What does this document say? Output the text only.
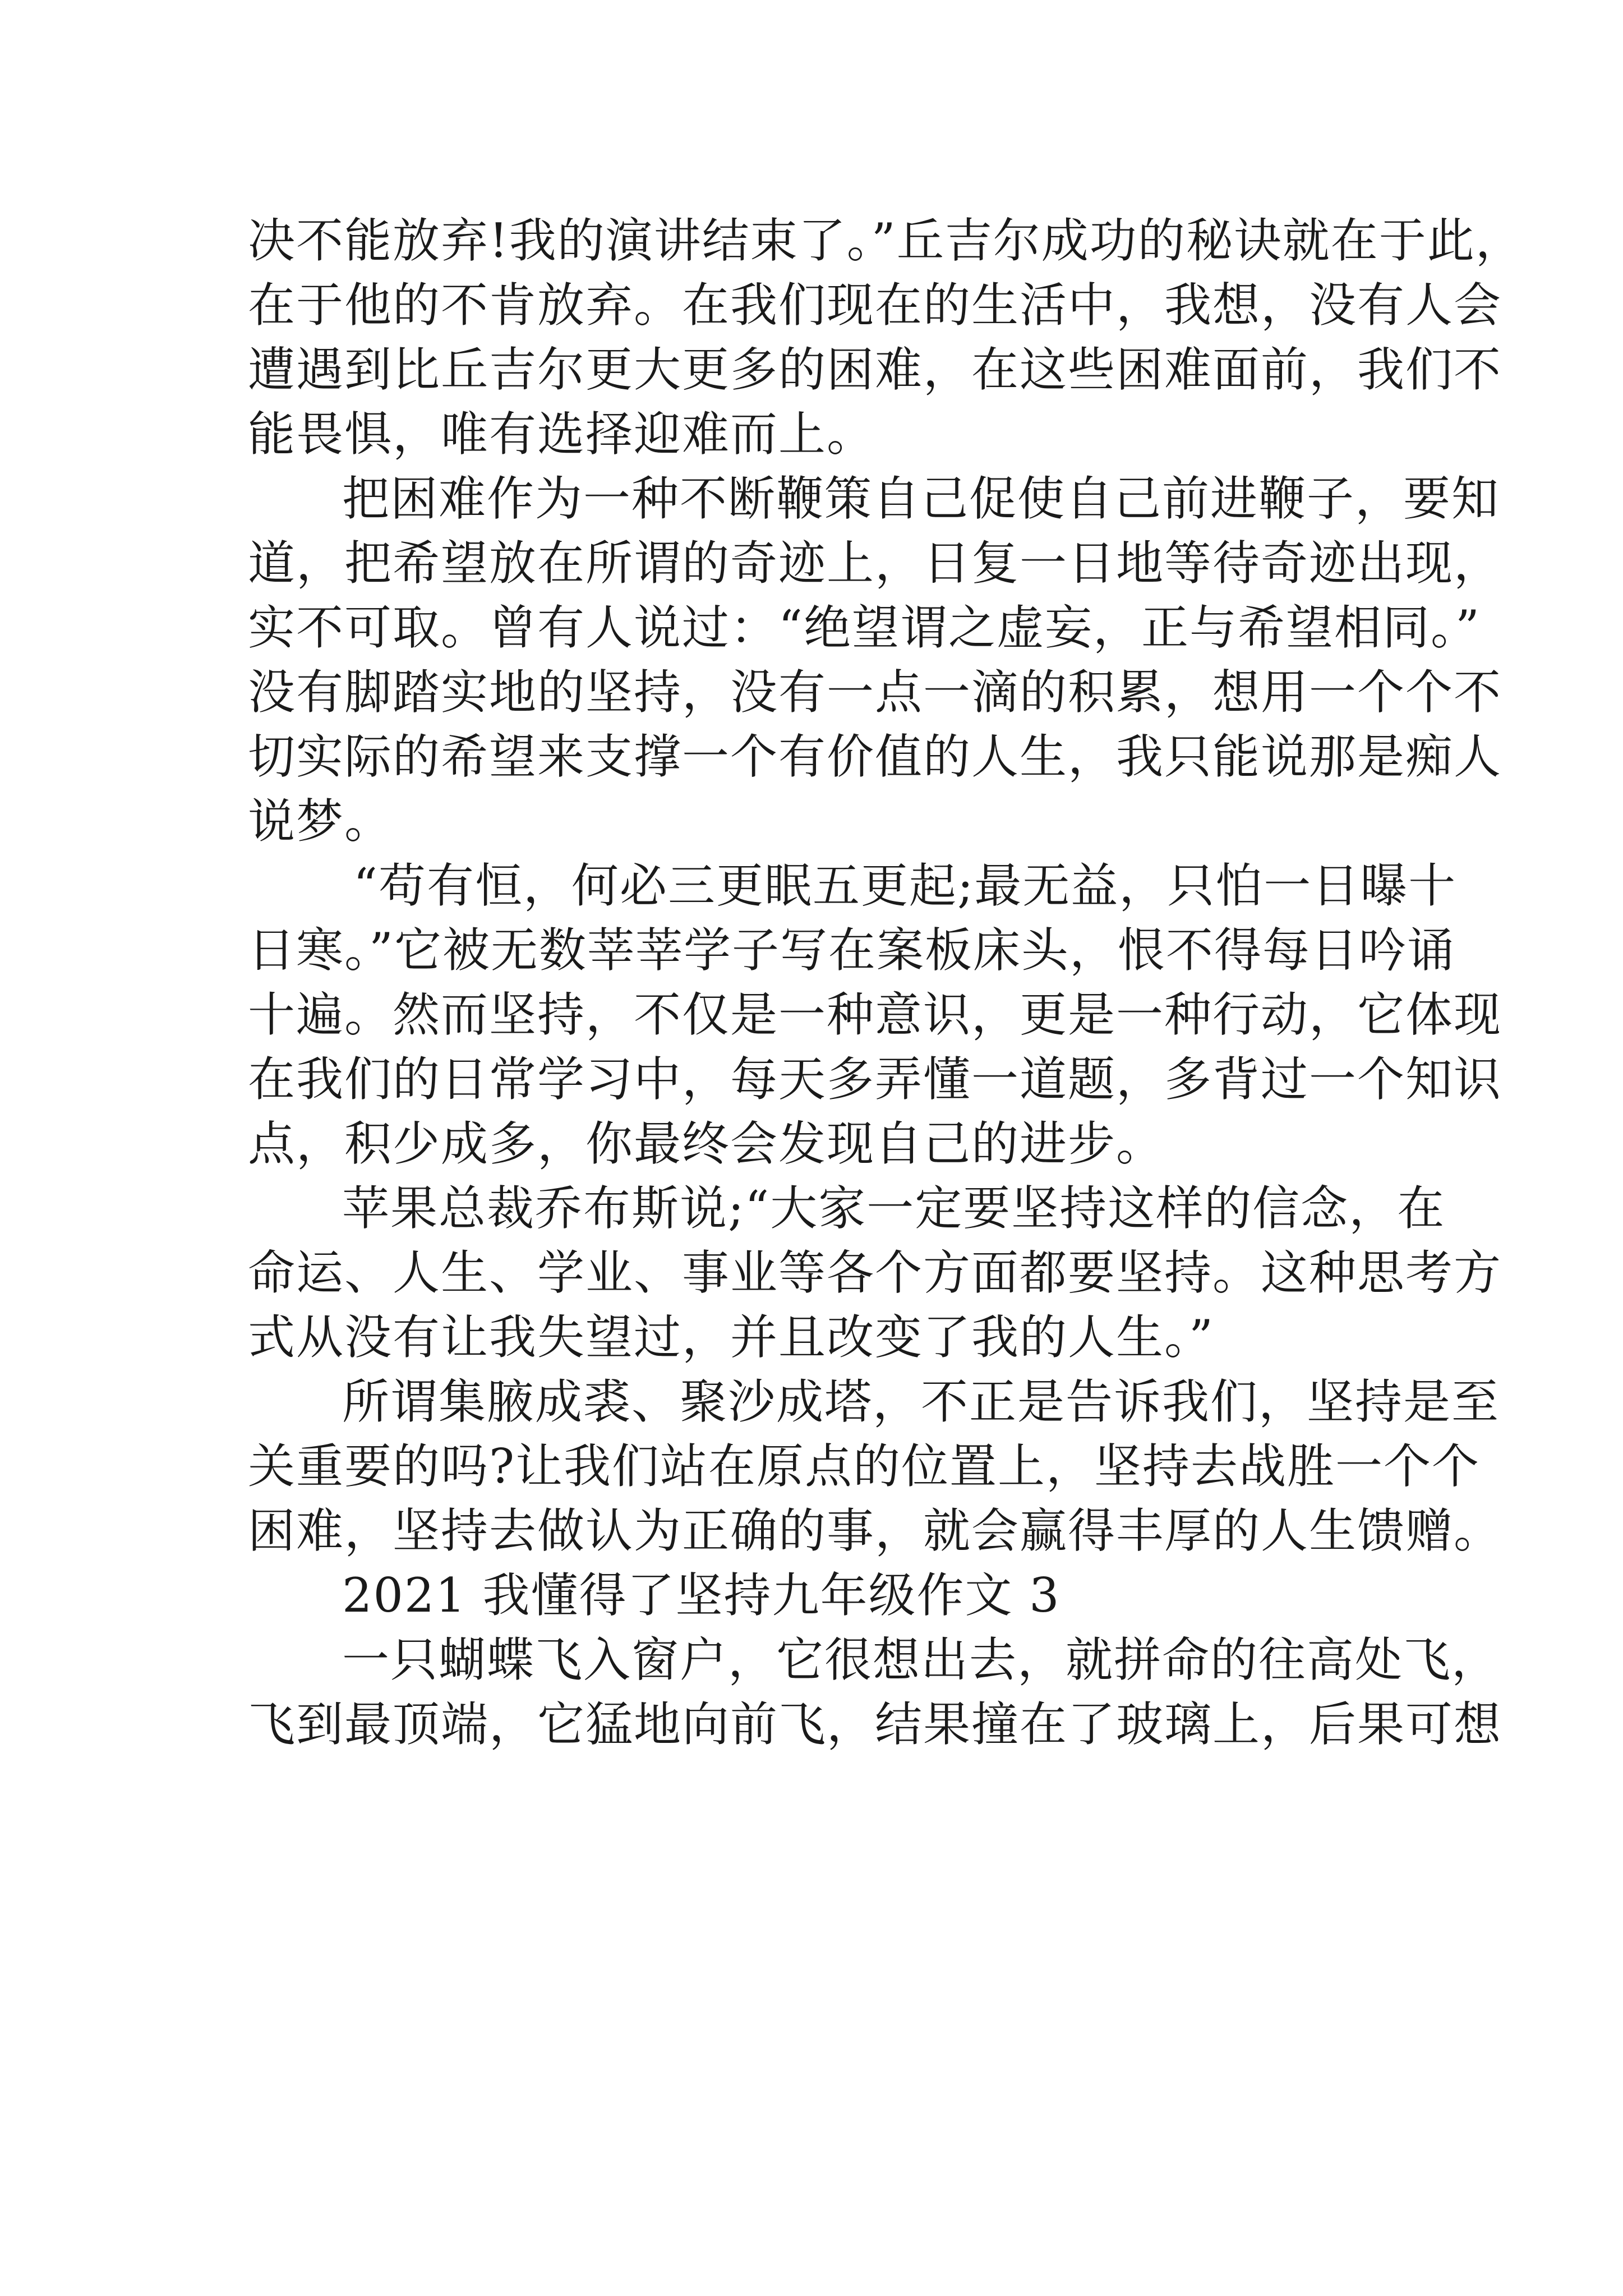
决不能放弃!我的演讲结束了。”丘吉尔成功的秘诀就在于此，
在于他的不肯放弃。在我们现在的生活中，我想，没有人会
遭遇到比丘吉尔更大更多的困难，在这些困难面前，我们不
能畏惧，唯有选择迎难而上。
把困难作为一种不断鞭策自己促使自己前进鞭子，要知
道，把希望放在所谓的奇迹上，日复一日地等待奇迹出现，
实不可取。曾有人说过：“绝望谓之虚妄，正与希望相同。”
没有脚踏实地的坚持，没有一点一滴的积累，想用一个个不
切实际的希望来支撑一个有价值的人生，我只能说那是痴人
说梦。
“苟有恒，何必三更眠五更起;最无益，只怕一日曝十
日寒。”它被无数莘莘学子写在案板床头，恨不得每日吟诵
十遍。然而坚持，不仅是一种意识，更是一种行动，它体现
在我们的日常学习中，每天多弄懂一道题，多背过一个知识
点，积少成多，你最终会发现自己的进步。
苹果总裁乔布斯说;“大家一定要坚持这样的信念，在
命运、人生、学业、事业等各个方面都要坚持。这种思考方
式从没有让我失望过，并且改变了我的人生。”
所谓集腋成裘、聚沙成塔，不正是告诉我们，坚持是至
关重要的吗?让我们站在原点的位置上，坚持去战胜一个个
困难，坚持去做认为正确的事，就会赢得丰厚的人生馈赠。
2021 我懂得了坚持九年级作文 3
一只蝴蝶飞入窗户，它很想出去，就拼命的往高处飞，
飞到最顶端，它猛地向前飞，结果撞在了玻璃上，后果可想
